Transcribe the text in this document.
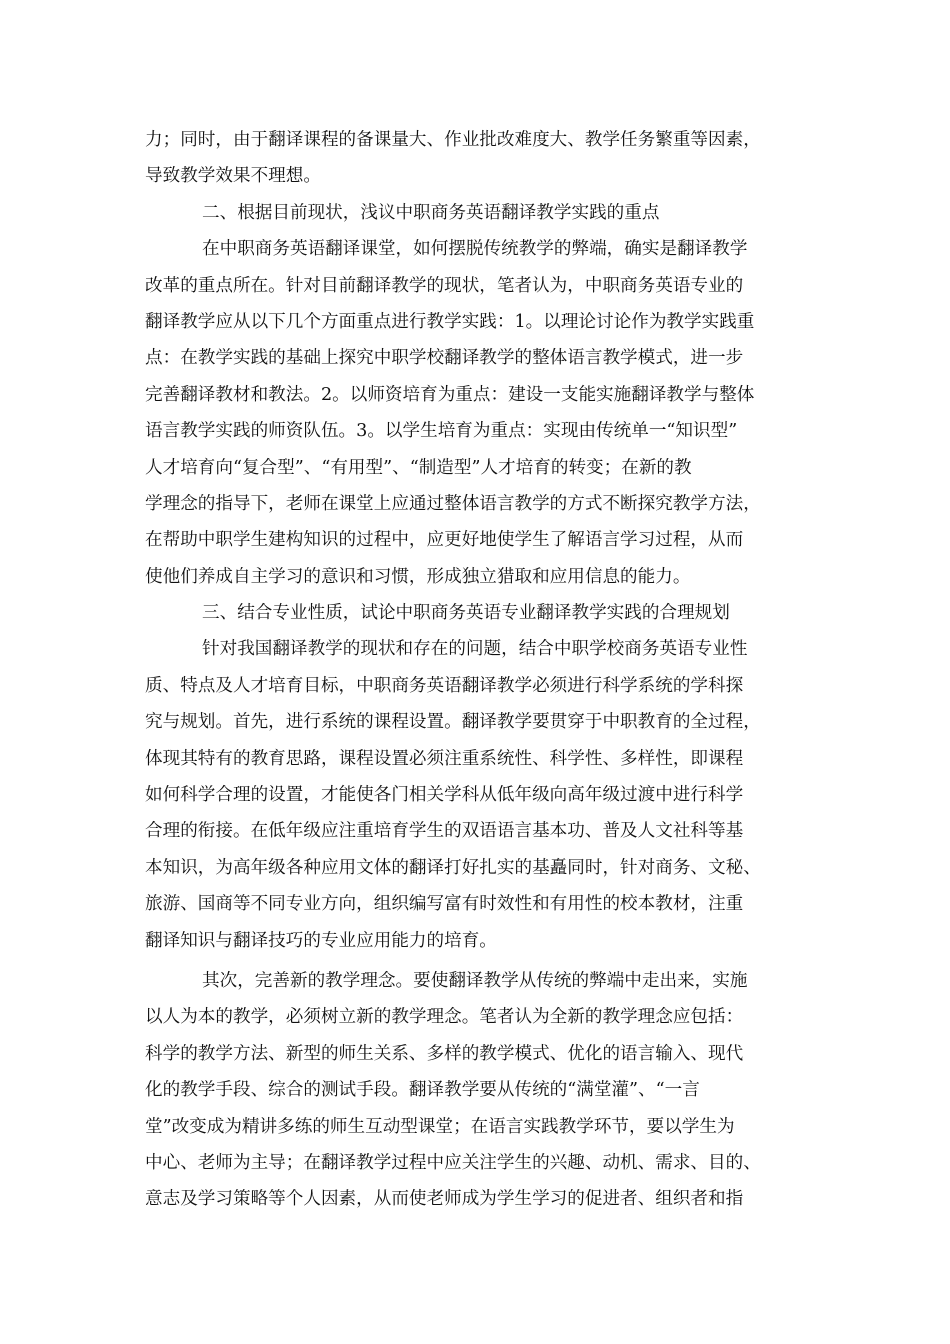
力；同时，由于翻译课程的备课量大、作业批改难度大、教学任务繁重等因素，
导致教学效果不理想。
二、根据目前现状，浅议中职商务英语翻译教学实践的重点
在中职商务英语翻译课堂，如何摆脱传统教学的弊端，确实是翻译教学
改革的重点所在。针对目前翻译教学的现状，笔者认为，中职商务英语专业的
翻译教学应从以下几个方面重点进行教学实践：1。以理论讨论作为教学实践重
点：在教学实践的基础上探究中职学校翻译教学的整体语言教学模式，进一步
完善翻译教材和教法。2。以师资培育为重点：建设一支能实施翻译教学与整体
语言教学实践的师资队伍。3。以学生培育为重点：实现由传统单一“知识型”
人才培育向“复合型”、“有用型”、“制造型”人才培育的转变；在新的教
学理念的指导下，老师在课堂上应通过整体语言教学的方式不断探究教学方法，
在帮助中职学生建构知识的过程中，应更好地使学生了解语言学习过程，从而
使他们养成自主学习的意识和习惯，形成独立猎取和应用信息的能力。
三、结合专业性质，试论中职商务英语专业翻译教学实践的合理规划
针对我国翻译教学的现状和存在的问题，结合中职学校商务英语专业性
质、特点及人才培育目标，中职商务英语翻译教学必须进行科学系统的学科探
究与规划。首先，进行系统的课程设置。翻译教学要贯穿于中职教育的全过程，
体现其特有的教育思路，课程设置必须注重系统性、科学性、多样性，即课程
如何科学合理的设置，才能使各门相关学科从低年级向高年级过渡中进行科学
合理的衔接。在低年级应注重培育学生的双语语言基本功、普及人文社科等基
本知识，为高年级各种应用文体的翻译打好扎实的基矗同时，针对商务、文秘、
旅游、国商等不同专业方向，组织编写富有时效性和有用性的校本教材，注重
翻译知识与翻译技巧的专业应用能力的培育。
其次，完善新的教学理念。要使翻译教学从传统的弊端中走出来，实施
以人为本的教学，必须树立新的教学理念。笔者认为全新的教学理念应包括：
科学的教学方法、新型的师生关系、多样的教学模式、优化的语言输入、现代
化的教学手段、综合的测试手段。翻译教学要从传统的“满堂灌”、“一言
堂”改变成为精讲多练的师生互动型课堂；在语言实践教学环节，要以学生为
中心、老师为主导；在翻译教学过程中应关注学生的兴趣、动机、需求、目的、
意志及学习策略等个人因素，从而使老师成为学生学习的促进者、组织者和指
